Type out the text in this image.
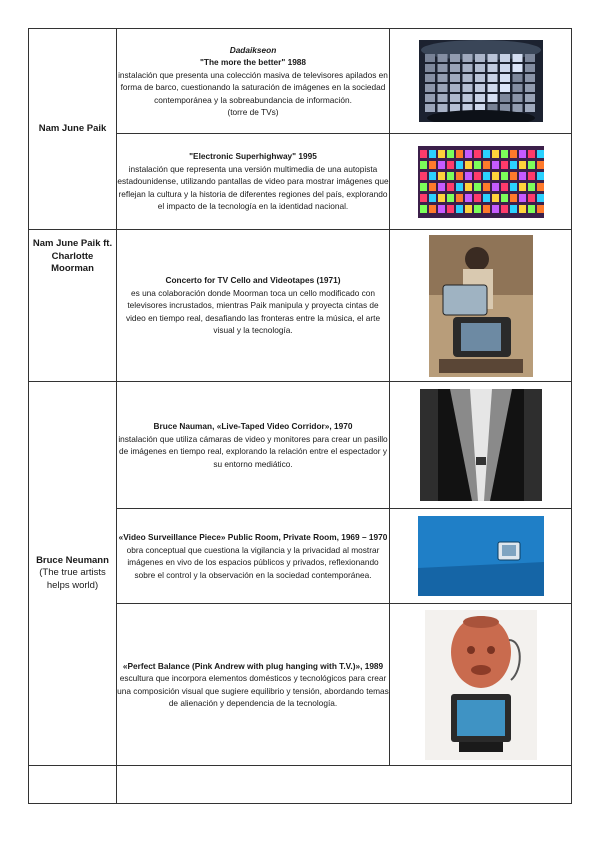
Nam June Paik	Dadaikseon
"The more the better" 1988
instalación que presenta una colección masiva de televisores apilados en forma de barco, cuestionando la saturación de imágenes en la sociedad contemporánea y la sobreabundancia de información.
(torre de TVs)

	"Electronic Superhighway" 1995
instalación que representa una versión multimedia de una autopista estadounidense, utilizando pantallas de video para mostrar imágenes que reflejan la cultura y la historia de diferentes regiones del país, explorando el impacto de la tecnología en la identidad nacional.	

Nam June Paik ft. Charlotte Moorman	Concerto for TV Cello and Videotapes (1971)
es una colaboración donde Moorman toca un cello modificado con televisores incrustados, mientras Paik manipula y proyecta cintas de video en tiempo real, desafiando las fronteras entre la música, el arte visual y la tecnología.	

Bruce Neumann
(The true artists helps world)	Bruce Nauman, «Live-Taped Video Corridor», 1970
instalación que utiliza cámaras de video y monitores para crear un pasillo de imágenes en tiempo real, explorando la relación entre el espectador y su entorno mediático.	

	«Video Surveillance Piece» Public Room, Private Room, 1969 – 1970
obra conceptual que cuestiona la vigilancia y la privacidad al mostrar imágenes en vivo de los espacios públicos y privados, reflexionando sobre el control y la observación en la sociedad contemporánea.	

	«Perfect Balance (Pink Andrew with plug hanging with T.V.)», 1989
escultura que incorpora elementos domésticos y tecnológicos para crear una composición visual que sugiere equilibrio y tensión, abordando temas de alienación y dependencia de la tecnología.	
